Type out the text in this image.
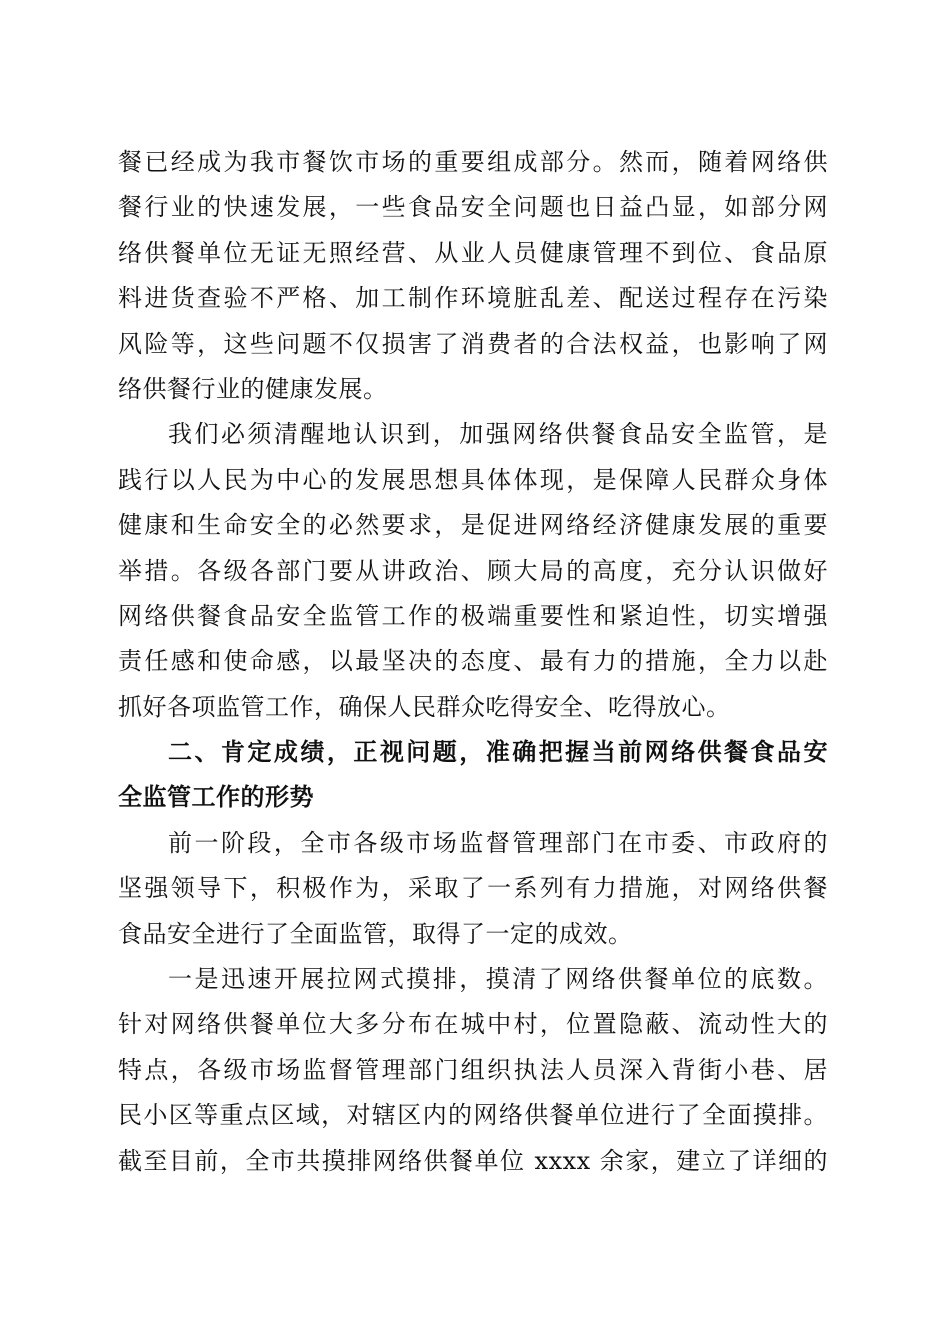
餐已经成为我市餐饮市场的重要组成部分。然而，随着网络供
餐行业的快速发展，一些食品安全问题也日益凸显，如部分网
络供餐单位无证无照经营、从业人员健康管理不到位、食品原
料进货查验不严格、加工制作环境脏乱差、配送过程存在污染
风险等，这些问题不仅损害了消费者的合法权益，也影响了网
络供餐行业的健康发展。
我们必须清醒地认识到，加强网络供餐食品安全监管，是
践行以人民为中心的发展思想具体体现，是保障人民群众身体
健康和生命安全的必然要求，是促进网络经济健康发展的重要
举措。各级各部门要从讲政治、顾大局的高度，充分认识做好
网络供餐食品安全监管工作的极端重要性和紧迫性，切实增强
责任感和使命感，以最坚决的态度、最有力的措施，全力以赴
抓好各项监管工作，确保人民群众吃得安全、吃得放心。
二、肯定成绩，正视问题，准确把握当前网络供餐食品安
全监管工作的形势
前一阶段，全市各级市场监督管理部门在市委、市政府的
坚强领导下，积极作为，采取了一系列有力措施，对网络供餐
食品安全进行了全面监管，取得了一定的成效。
一是迅速开展拉网式摸排，摸清了网络供餐单位的底数。
针对网络供餐单位大多分布在城中村，位置隐蔽、流动性大的
特点，各级市场监督管理部门组织执法人员深入背街小巷、居
民小区等重点区域，对辖区内的网络供餐单位进行了全面摸排。
截至目前，全市共摸排网络供餐单位 xxxx 余家，建立了详细的
